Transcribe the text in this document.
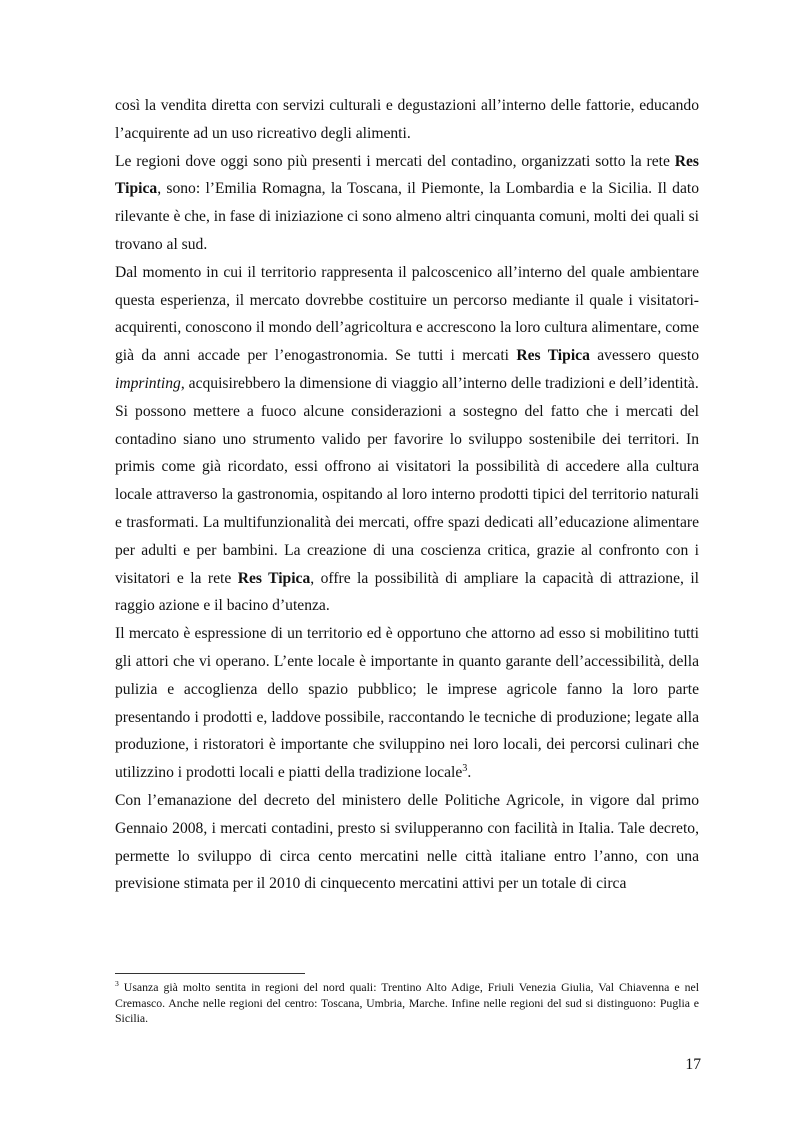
così la vendita diretta con servizi culturali e degustazioni all’interno delle fattorie, educando l’acquirente ad un uso ricreativo degli alimenti.

Le regioni dove oggi sono più presenti i mercati del contadino, organizzati sotto la rete Res Tipica, sono: l’Emilia Romagna, la Toscana, il Piemonte, la Lombardia e la Sicilia. Il dato rilevante è che, in fase di iniziazione ci sono almeno altri cinquanta comuni, molti dei quali si trovano al sud.

Dal momento in cui il territorio rappresenta il palcoscenico all’interno del quale ambientare questa esperienza, il mercato dovrebbe costituire un percorso mediante il quale i visitatori- acquirenti, conoscono il mondo dell’agricoltura e accrescono la loro cultura alimentare, come già da anni accade per l’enogastronomia. Se tutti i mercati Res Tipica avessero questo imprinting, acquisirebbero la dimensione di viaggio all’interno delle tradizioni e dell’identità.

Si possono mettere a fuoco alcune considerazioni a sostegno del fatto che i mercati del contadino siano uno strumento valido per favorire lo sviluppo sostenibile dei territori. In primis come già ricordato, essi offrono ai visitatori la possibilità di accedere alla cultura locale attraverso la gastronomia, ospitando al loro interno prodotti tipici del territorio naturali e trasformati. La multifunzionalità dei mercati, offre spazi dedicati all’educazione alimentare per adulti e per bambini. La creazione di una coscienza critica, grazie al confronto con i visitatori e la rete Res Tipica, offre la possibilità di ampliare la capacità di attrazione, il raggio azione e il bacino d’utenza.

Il mercato è espressione di un territorio ed è opportuno che attorno ad esso si mobilitino tutti gli attori che vi operano. L’ente locale è importante in quanto garante dell’accessibilità, della pulizia e accoglienza dello spazio pubblico; le imprese agricole fanno la loro parte presentando i prodotti e, laddove possibile, raccontando le tecniche di produzione; legate alla produzione, i ristoratori è importante che sviluppino nei loro locali, dei percorsi culinari che utilizzino i prodotti locali e piatti della tradizione locale$^3$.

Con l’emanazione del decreto del ministero delle Politiche Agricole, in vigore dal primo Gennaio 2008, i mercati contadini, presto si svilupperanno con facilità in Italia. Tale decreto, permette lo sviluppo di circa cento mercatini nelle città italiane entro l’anno, con una previsione stimata per il 2010 di cinquecento mercatini attivi per un totale di circa

$^3$ Usanza già molto sentita in regioni del nord quali: Trentino Alto Adige, Friuli Venezia Giulia, Val Chiavenna e nel Cremasco. Anche nelle regioni del centro: Toscana, Umbria, Marche. Infine nelle regioni del sud si distinguono: Puglia e Sicilia.
17
